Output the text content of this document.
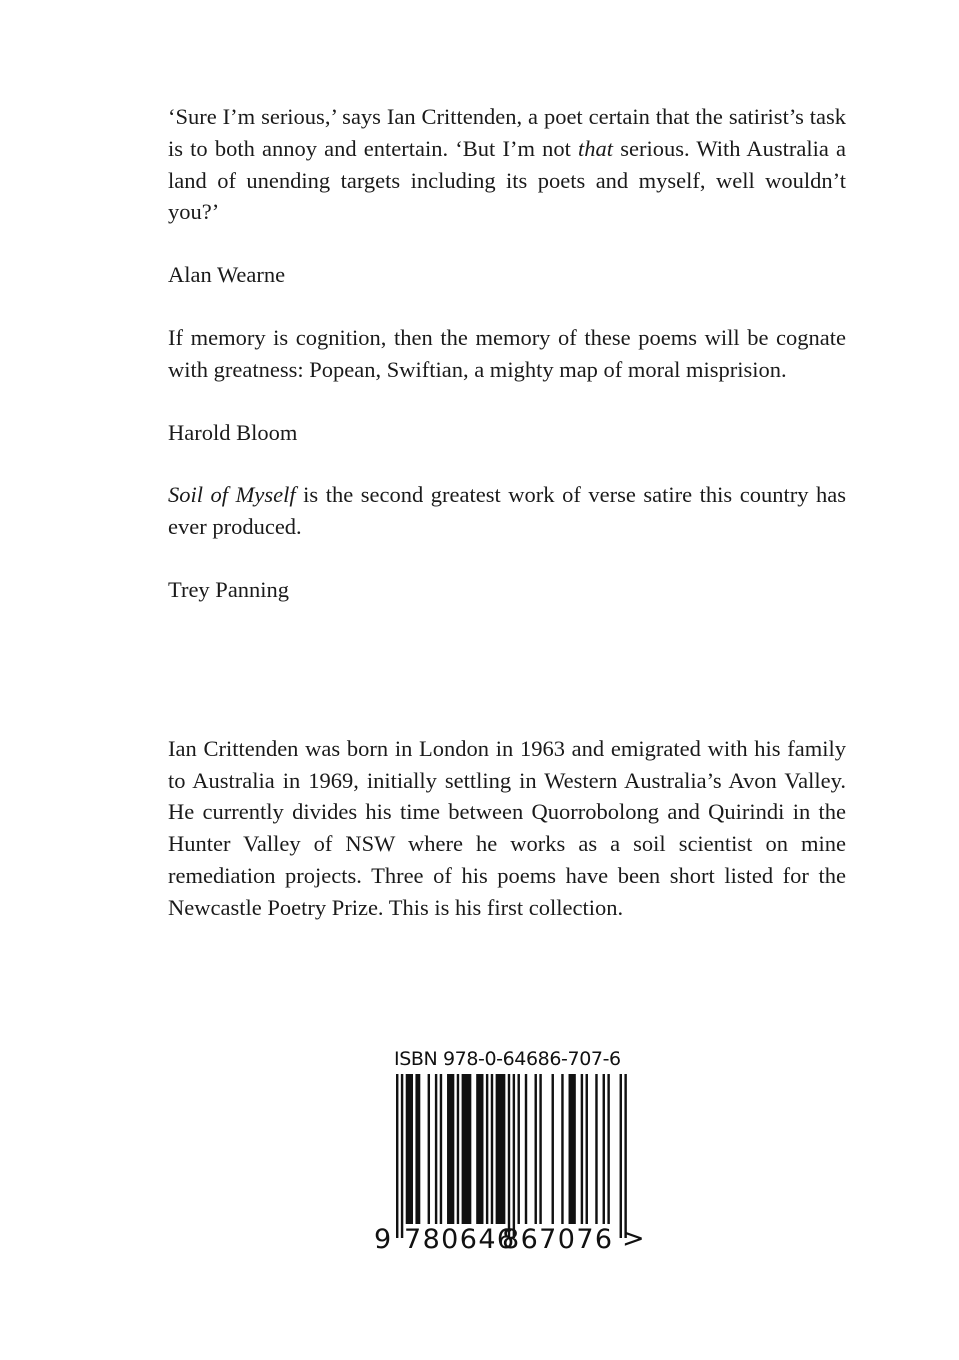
‘Sure I’m serious,’ says Ian Crittenden, a poet certain that the satirist’s task is to both annoy and entertain. ‘But I’m not that serious. With Australia a land of unending targets including its poets and myself, well wouldn’t you?’

Alan Wearne

If memory is cognition, then the memory of these poems will be cognate with greatness: Popean, Swiftian, a mighty map of moral misprision.

Harold Bloom

Soil of Myself is the second greatest work of verse satire this country has ever produced.

Trey Panning

Ian Crittenden was born in London in 1963 and emigrated with his family to Australia in 1969, initially settling in Western Australia’s Avon Valley. He currently divides his time between Quorrobolong and Quirindi in the Hunter Valley of NSW where he works as a soil scientist on mine remediation projects. Three of his poems have been short listed for the Newcastle Poetry Prize. This is his first collection.

ISBN 978-0-64686-707-6
9 780646
867076 >
